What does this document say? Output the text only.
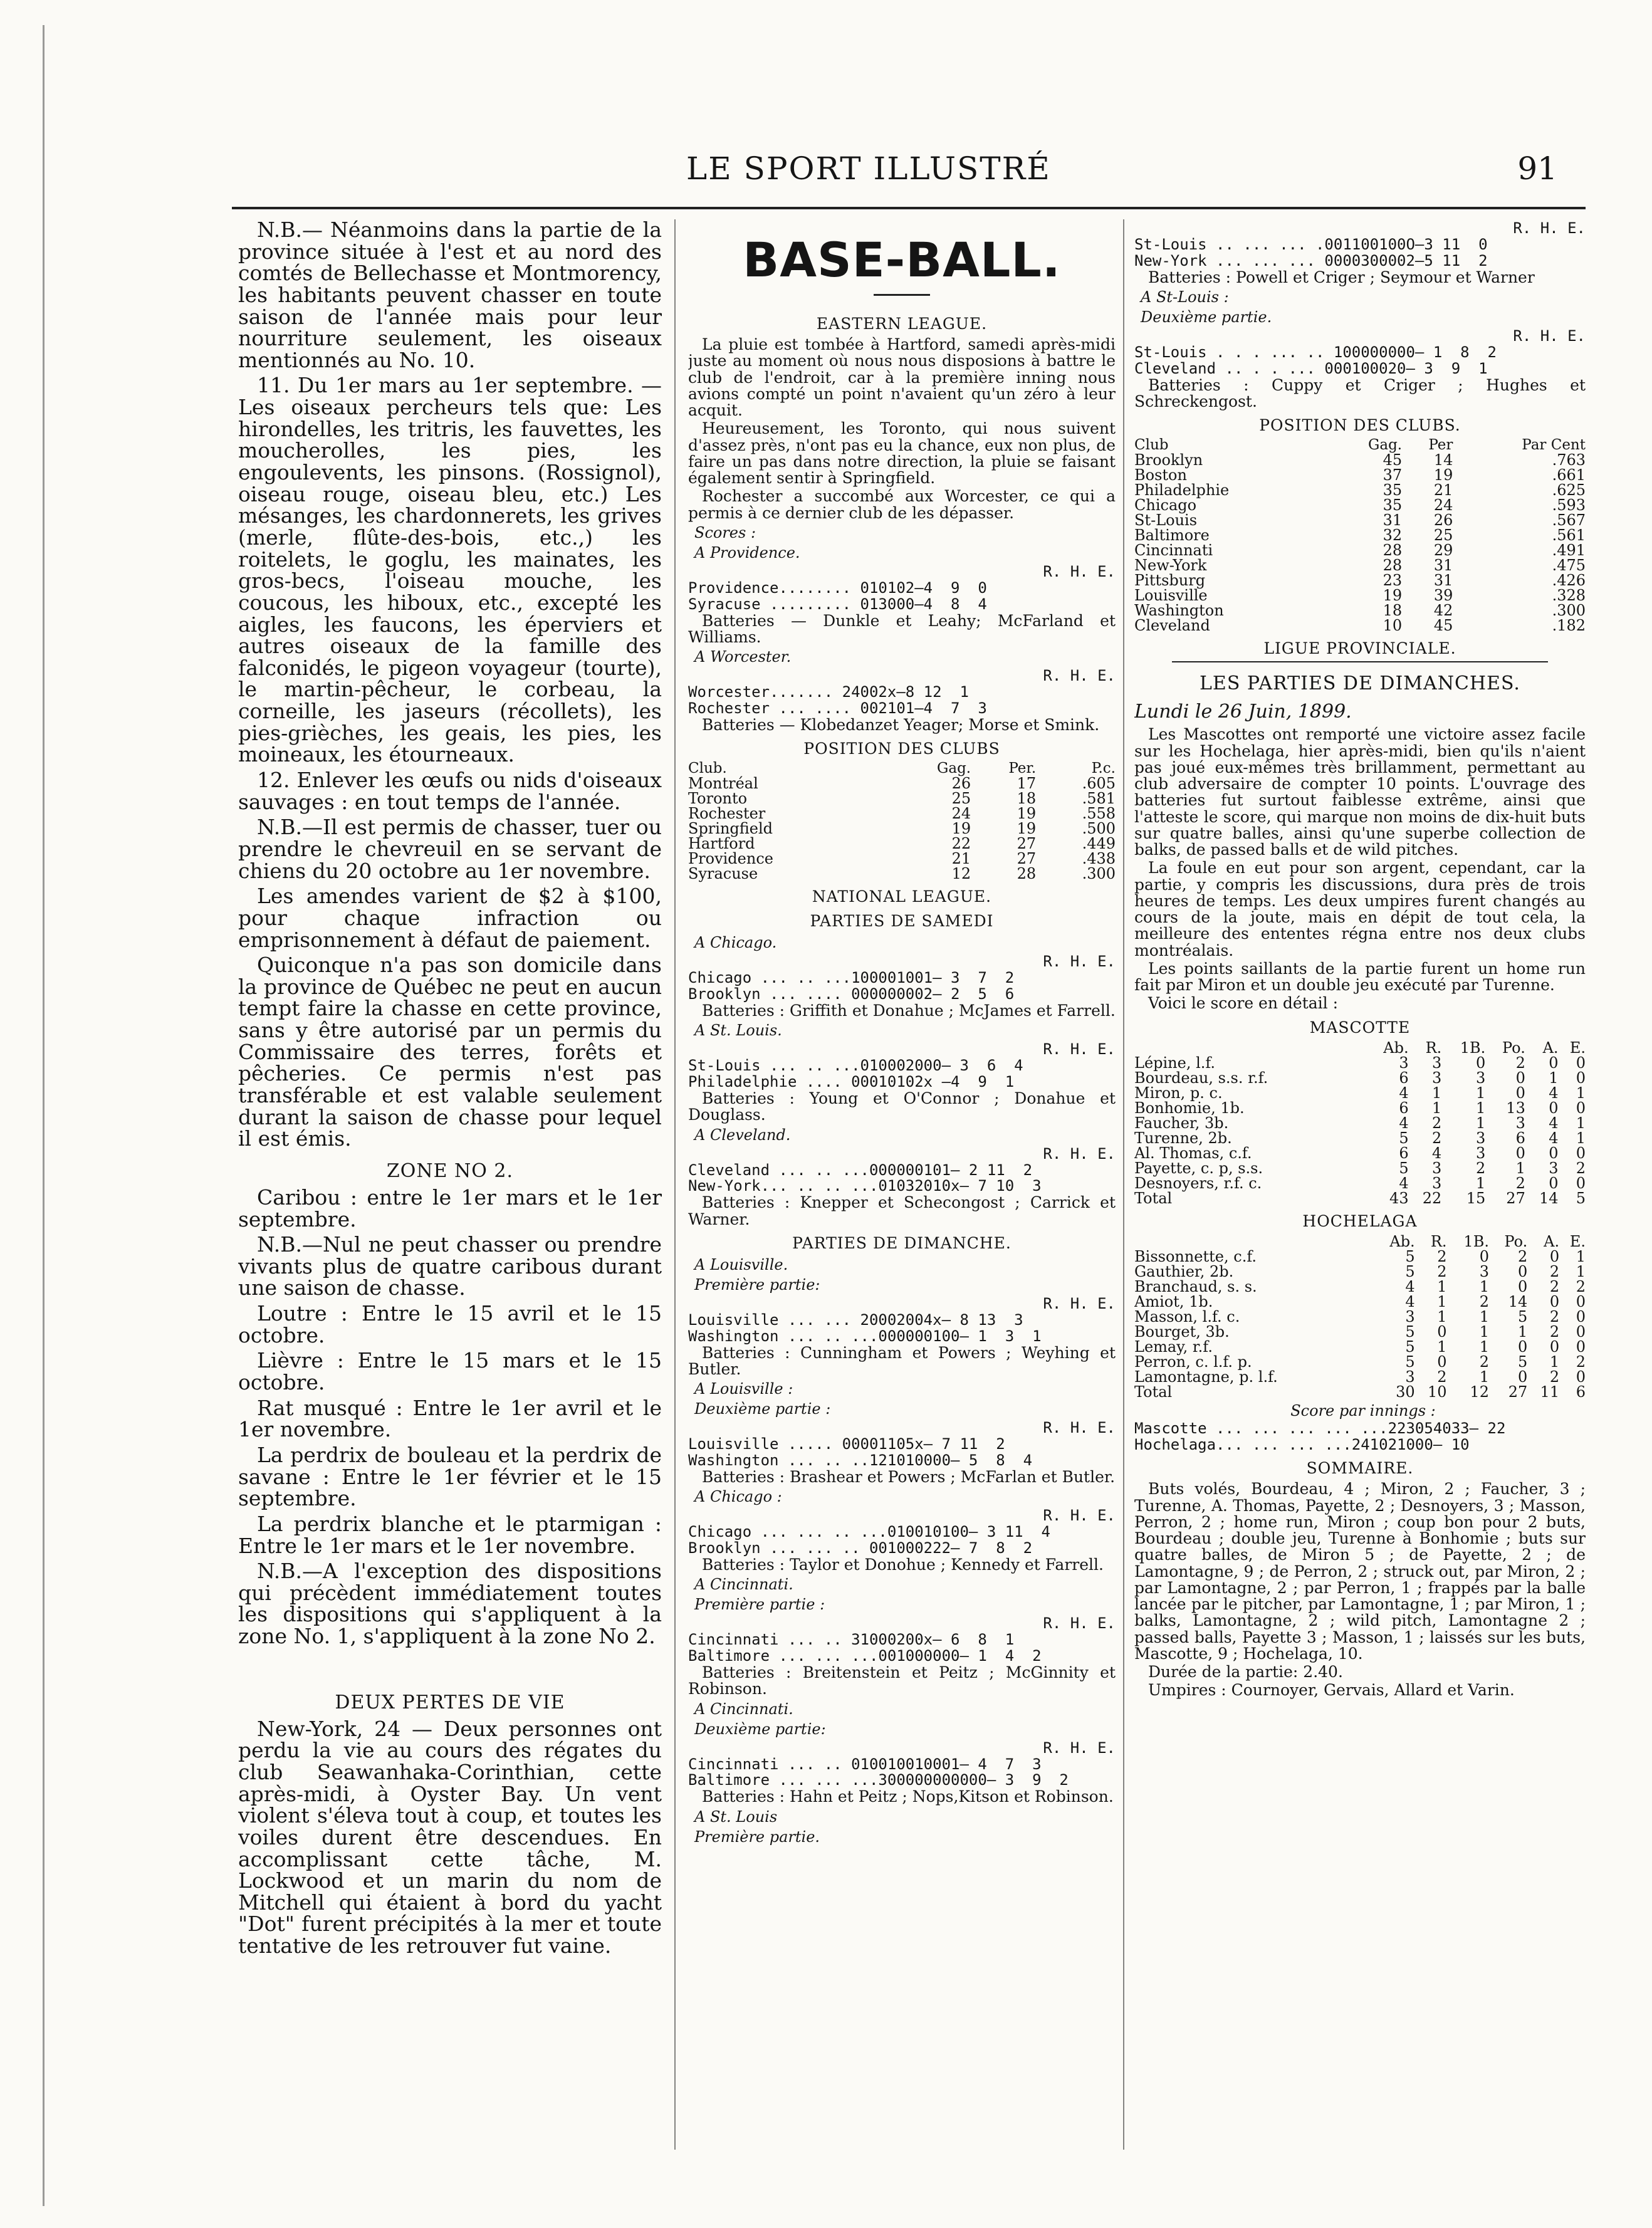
LE SPORT ILLUSTRÉ	91

N.B.— Néanmoins dans la partie de la province située à l'est et au nord des comtés de Bellechasse et Montmorency, les habitants peuvent chasser en toute saison de l'année mais pour leur nourriture seulement, les oiseaux mentionnés au No. 10.

11. Du 1er mars au 1er septembre. —Les oiseaux percheurs tels que: Les hirondelles, les tritris, les fauvettes, les moucherolles, les pies, les engoulevents, les pinsons. (Rossignol), oiseau rouge, oiseau bleu, etc.) Les mésanges, les chardonnerets, les grives (merle, flûte-des-bois, etc.,) les roitelets, le goglu, les mainates, les gros-becs, l'oiseau mouche, les coucous, les hiboux, etc., excepté les aigles, les faucons, les éperviers et autres oiseaux de la famille des falconidés, le pigeon voyageur (tourte), le martin-pêcheur, le corbeau, la corneille, les jaseurs (récollets), les pies-grièches, les geais, les pies, les moineaux, les étourneaux.

12. Enlever les œufs ou nids d'oiseaux sauvages : en tout temps de l'année.

N.B.—Il est permis de chasser, tuer ou prendre le chevreuil en se servant de chiens du 20 octobre au 1er novembre.

Les amendes varient de $2 à $100, pour chaque infraction ou emprisonnement à défaut de paiement.

Quiconque n'a pas son domicile dans la province de Québec ne peut en aucun tempt faire la chasse en cette province, sans y être autorisé par un permis du Commissaire des terres, forêts et pêcheries. Ce permis n'est pas transférable et est valable seulement durant la saison de chasse pour lequel il est émis.

ZONE NO 2.

Caribou : entre le 1er mars et le 1er septembre.

N.B.—Nul ne peut chasser ou prendre vivants plus de quatre caribous durant une saison de chasse.

Loutre : Entre le 15 avril et le 15 octobre.

Lièvre : Entre le 15 mars et le 15 octobre.

Rat musqué : Entre le 1er avril et le 1er novembre.

La perdrix de bouleau et la perdrix de savane : Entre le 1er février et le 15 septembre.

La perdrix blanche et le ptarmigan : Entre le 1er mars et le 1er novembre.

N.B.—A l'exception des dispositions qui précèdent immédiatement toutes les dispositions qui s'appliquent à la zone No. 1, s'appliquent à la zone No 2.

DEUX PERTES DE VIE

New-York, 24 — Deux personnes ont perdu la vie au cours des régates du club Seawanhaka-Corinthian, cette après-midi, à Oyster Bay. Un vent violent s'éleva tout à coup, et toutes les voiles durent être descendues. En accomplissant cette tâche, M. Lockwood et un marin du nom de Mitchell qui étaient à bord du yacht "Dot" furent précipités à la mer et toute tentative de les retrouver fut vaine.

BASE-BALL.
EASTERN LEAGUE.

La pluie est tombée à Hartford, samedi après-midi juste au moment où nous nous disposions à battre le club de l'endroit, car à la première inning nous avions compté un point n'avaient qu'un zéro à leur acquit.

Heureusement, les Toronto, qui nous suivent d'assez près, n'ont pas eu la chance, eux non plus, de faire un pas dans notre direction, la pluie se faisant également sentir à Springfield.

Rochester a succombé aux Worcester, ce qui a permis à ce dernier club de les dépasser.

Scores :
A Providence.
R. H. E.
Providence........ 010102—4  9  0
Syracuse ......... 013000—4  8  4

Batteries — Dunkle et Leahy; McFarland et Williams.

A Worcester.
R. H. E.
Worcester....... 24002x—8 12  1
Rochester ... .... 002101—4  7  3

Batteries — Klobedanzet Yeager; Morse et Smink.

POSITION DES CLUBS
Club.	Gag.	Per.	P.c.
Montréal	26	17	.605
Toronto	25	18	.581
Rochester	24	19	.558
Springfield	19	19	.500
Hartford	22	27	.449
Providence	21	27	.438
Syracuse	12	28	.300
NATIONAL LEAGUE.
PARTIES DE SAMEDI
A Chicago.
R. H. E.
Chicago ... .. ...100001001— 3  7  2
Brooklyn ... .... 000000002— 2  5  6

Batteries : Griffith et Donahue ; McJames et Farrell.

A St. Louis.
R. H. E.
St-Louis ... .. ...010002000— 3  6  4
Philadelphie .... 00010102x —4  9  1

Batteries : Young et O'Connor ; Donahue et Douglass.

A Cleveland.
R. H. E.
Cleveland ... .. ...000000101— 2 11  2
New-York... .. .. ...01032010x— 7 10  3

Batteries : Knepper et Schecongost ; Carrick et Warner.

PARTIES DE DIMANCHE.
A Louisville.
Première partie:
R. H. E.
Louisville ... ... 20002004x— 8 13  3
Washington ... .. ...000000100— 1  3  1

Batteries : Cunningham et Powers ; Weyhing et Butler.

A Louisville :
Deuxième partie :
R. H. E.
Louisville ..... 00001105x— 7 11  2
Washington ... .. ..121010000— 5  8  4

Batteries : Brashear et Powers ; McFarlan et Butler.

A Chicago :
R. H. E.
Chicago ... ... .. ...010010100— 3 11  4
Brooklyn ... ... .. 001000222— 7  8  2

Batteries : Taylor et Donohue ; Kennedy et Farrell.

A Cincinnati.
Première partie :
R. H. E.
Cincinnati ... .. 31000200x— 6  8  1
Baltimore ... ... ...001000000— 1  4  2

Batteries : Breitenstein et Peitz ; McGinnity et Robinson.

A Cincinnati.
Deuxième partie:
R. H. E.
Cincinnati ... .. 010010010001— 4  7  3
Baltimore ... ... ...300000000000— 3  9  2

Batteries : Hahn et Peitz ; Nops,Kitson et Robinson.

A St. Louis
Première partie.
R. H. E.
St-Louis .. ... ... .001100100O—3 11  0
New-York ... ... ... 0000300002—5 11  2

Batteries : Powell et Criger ; Seymour et Warner

A St-Louis :
Deuxième partie.
R. H. E.
St-Louis . . . ... .. 100000000— 1  8  2
Cleveland .. . . ... 000100020— 3  9  1

Batteries : Cuppy et Criger ; Hughes et Schreckengost.

POSITION DES CLUBS.
Club	Gag.	Per	Par Cent
Brooklyn	45	14	.763
Boston	37	19	.661
Philadelphie	35	21	.625
Chicago	35	24	.593
St-Louis	31	26	.567
Baltimore	32	25	.561
Cincinnati	28	29	.491
New-York	28	31	.475
Pittsburg	23	31	.426
Louisville	19	39	.328
Washington	18	42	.300
Cleveland	10	45	.182
LIGUE PROVINCIALE.
LES PARTIES DE DIMANCHES.
Lundi le 26 Juin, 1899.

Les Mascottes ont remporté une victoire assez facile sur les Hochelaga, hier après-midi, bien qu'ils n'aient pas joué eux-mêmes très brillamment, permettant au club adversaire de compter 10 points. L'ouvrage des batteries fut surtout faiblesse extrême, ainsi que l'atteste le score, qui marque non moins de dix-huit buts sur quatre balles, ainsi qu'une superbe collection de balks, de passed balls et de wild pitches.

La foule en eut pour son argent, cependant, car la partie, y compris les discussions, dura près de trois heures de temps. Les deux umpires furent changés au cours de la joute, mais en dépit de tout cela, la meilleure des ententes régna entre nos deux clubs montréalais.

Les points saillants de la partie furent un home run fait par Miron et un double jeu exécuté par Turenne.

Voici le score en détail :

MASCOTTE
	Ab.	R.	1B.	Po.	A.	E.
Lépine, l.f.	3	3	0	2	0	0
Bourdeau, s.s. r.f.	6	3	3	0	1	0
Miron, p. c.	4	1	1	0	4	1
Bonhomie, 1b.	6	1	1	13	0	0
Faucher, 3b.	4	2	1	3	4	1
Turenne, 2b.	5	2	3	6	4	1
Al. Thomas, c.f.	6	4	3	0	0	0
Payette, c. p, s.s.	5	3	2	1	3	2
Desnoyers, r.f. c.	4	3	1	2	0	0
Total	43	22	15	27	14	5
HOCHELAGA
	Ab.	R.	1B.	Po.	A.	E.
Bissonnette, c.f.	5	2	0	2	0	1
Gauthier, 2b.	5	2	3	0	2	1
Branchaud, s. s.	4	1	1	0	2	2
Amiot, 1b.	4	1	2	14	0	0
Masson, l.f. c.	3	1	1	5	2	0
Bourget, 3b.	5	0	1	1	2	0
Lemay, r.f.	5	1	1	0	0	0
Perron, c. l.f. p.	5	0	2	5	1	2
Lamontagne, p. l.f.	3	2	1	0	2	0
Total	30	10	12	27	11	6
Score par innings :
Mascotte ... ... ... ... ...223054033— 22
Hochelaga... ... ... ...241021000— 10
SOMMAIRE.

Buts volés, Bourdeau, 4 ; Miron, 2 ; Faucher, 3 ; Turenne, A. Thomas, Payette, 2 ; Desnoyers, 3 ; Masson, Perron, 2 ; home run, Miron ; coup bon pour 2 buts, Bourdeau ; double jeu, Turenne à Bonhomie ; buts sur quatre balles, de Miron 5 ; de Payette, 2 ; de Lamontagne, 9 ; de Perron, 2 ; struck out, par Miron, 2 ; par Lamontagne, 2 ; par Perron, 1 ; frappés par la balle lancée par le pitcher, par Lamontagne, 1 ; par Miron, 1 ; balks, Lamontagne, 2 ; wild pitch, Lamontagne 2 ; passed balls, Payette 3 ; Masson, 1 ; laissés sur les buts, Mascotte, 9 ; Hochelaga, 10.

Durée de la partie: 2.40.

Umpires : Cournoyer, Gervais, Allard et Varin.
